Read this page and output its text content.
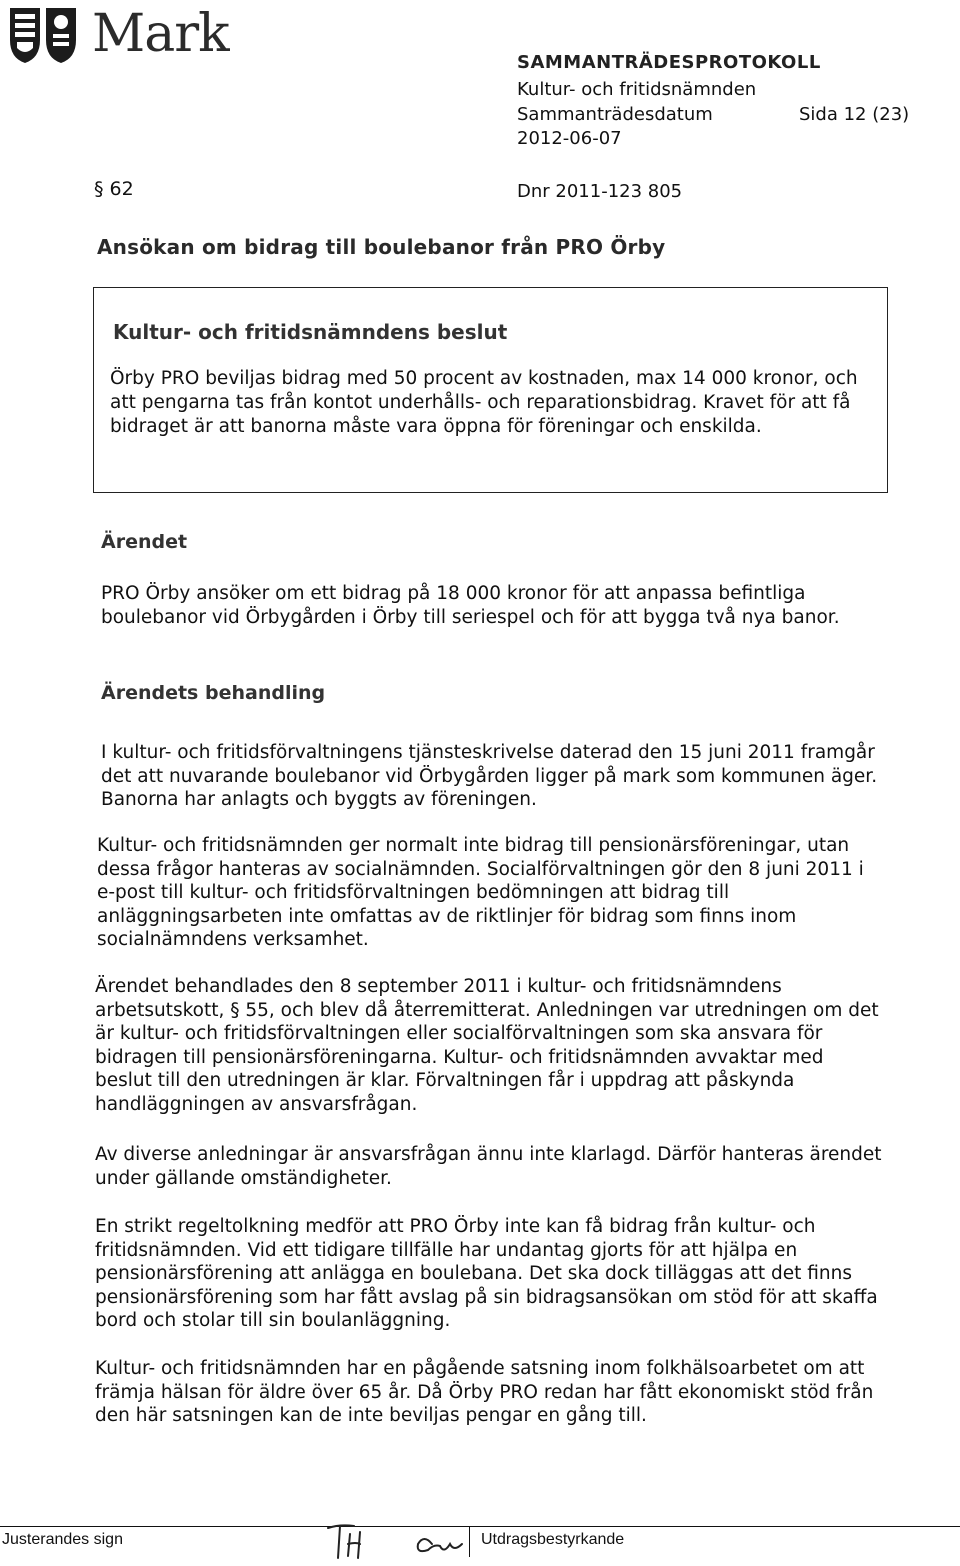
Mark	SAMMANTRÄDESPROTOKOLL
Kultur- och fritidsnämnden
Sammanträdesdatum	Sida 12 (23)
2012-06-07
§ 62	Dnr 2011-123 805
Ansökan om bidrag till boulebanor från PRO Örby
Kultur- och fritidsnämndens beslut
Örby PRO beviljas bidrag med 50 procent av kostnaden, max 14 000 kronor, och att pengarna tas från kontot underhålls- och reparationsbidrag. Kravet för att få bidraget är att banorna måste vara öppna för föreningar och enskilda.
Ärendet
PRO Örby ansöker om ett bidrag på 18 000 kronor för att anpassa befintliga boulebanor vid Örbygården i Örby till seriespel och för att bygga två nya banor.
Ärendets behandling
I kultur- och fritidsförvaltningens tjänsteskrivelse daterad den 15 juni 2011 framgår det att nuvarande boulebanor vid Örbygården ligger på mark som kommunen äger. Banorna har anlagts och byggts av föreningen.
Kultur- och fritidsnämnden ger normalt inte bidrag till pensionärsföreningar, utan dessa frågor hanteras av socialnämnden. Socialförvaltningen gör den 8 juni 2011 i e-post till kultur- och fritidsförvaltningen bedömningen att bidrag till anläggningsarbeten inte omfattas av de riktlinjer för bidrag som finns inom socialnämndens verksamhet.
Ärendet behandlades den 8 september 2011 i kultur- och fritidsnämndens arbetsutskott, § 55, och blev då återremitterat. Anledningen var utredningen om det är kultur- och fritidsförvaltningen eller socialförvaltningen som ska ansvara för bidragen till pensionärsföreningarna. Kultur- och fritidsnämnden avvaktar med beslut till den utredningen är klar. Förvaltningen får i uppdrag att påskynda handläggningen av ansvarsfrågan.
Av diverse anledningar är ansvarsfrågan ännu inte klarlagd. Därför hanteras ärendet under gällande omständigheter.
En strikt regeltolkning medför att PRO Örby inte kan få bidrag från kultur- och fritidsnämnden. Vid ett tidigare tillfälle har undantag gjorts för att hjälpa en pensionärsförening att anlägga en boulebana. Det ska dock tilläggas att det finns pensionärsförening som har fått avslag på sin bidragsansökan om stöd för att skaffa bord och stolar till sin boulanläggning.
Kultur- och fritidsnämnden har en pågående satsning inom folkhälsoarbetet om att främja hälsan för äldre över 65 år. Då Örby PRO redan har fått ekonomiskt stöd från den här satsningen kan de inte beviljas pengar en gång till.
Justerandes sign	Utdragsbestyrkande
